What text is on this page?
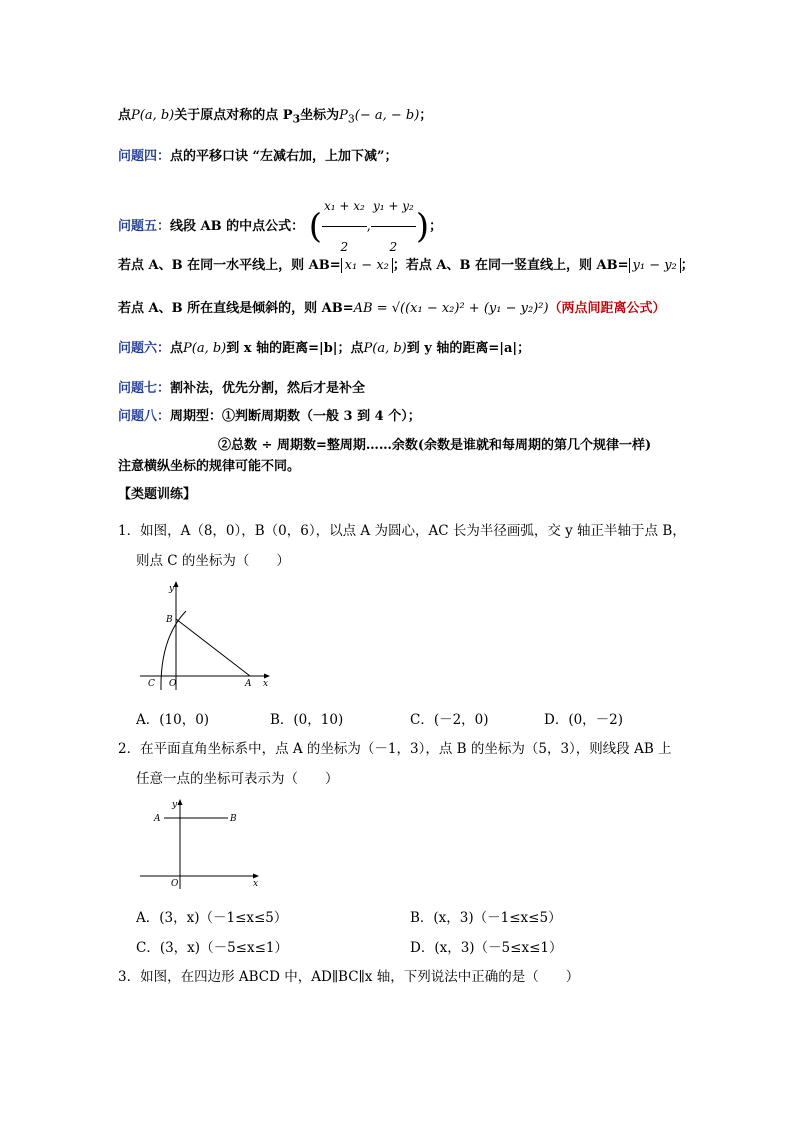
点P(a, b)关于原点对称的点 $P_3$坐标为$P_3(- a$, − b)；
问题四：点的平移口诀 “左减右加，上加下减”；
问题五：线段 AB 的中点公式： ( $\frac{\text{x₁ + x₂}}{2}$ , $\frac{\text{y₁ + y₂}}{2}$ )；
若点 A、B 在同一水平线上，则 AB= x₁ − x₂ ；若点 A、B 在同一竖直线上，则 AB= y₁ − y₂ ；
若点 A、B 所在直线是倾斜的，则 AB=AB = √((x₁ − x₂)² + (y₁ − y₂)²)（两点间距离公式）
问题六：点P(a, b)到 x 轴的距离=|b|；点P(a, b)到 y 轴的距离=|a|；
问题七：割补法，优先分割，然后才是补全
问题八：周期型：①判断周期数（一般 3 到 4 个）；
②总数 ÷ 周期数=整周期……余数(余数是谁就和每周期的第几个规律一样)
注意横纵坐标的规律可能不同。
【类题训练】
1．如图，A（8，0），B（0，6），以点 A 为圆心，AC 长为半径画弧，交 y 轴正半轴于点 B，
则点 C 的坐标为（　　）
y
x
B
O
C	A
A．(10，0)	B．(0，10)	C．(－2，0)	D．(0，－2)
2．在平面直角坐标系中，点 A 的坐标为（－1，3），点 B 的坐标为（5，3），则线段 AB 上
任意一点的坐标可表示为（　　）
y
x
A	B
O
A．(3，x)（－1≤x≤5）	B．(x，3)（－1≤x≤5）
C．(3，x)（－5≤x≤1）	D．(x，3)（－5≤x≤1）
3．如图，在四边形 ABCD 中，AD∥BC∥x 轴，下列说法中正确的是（　　）
